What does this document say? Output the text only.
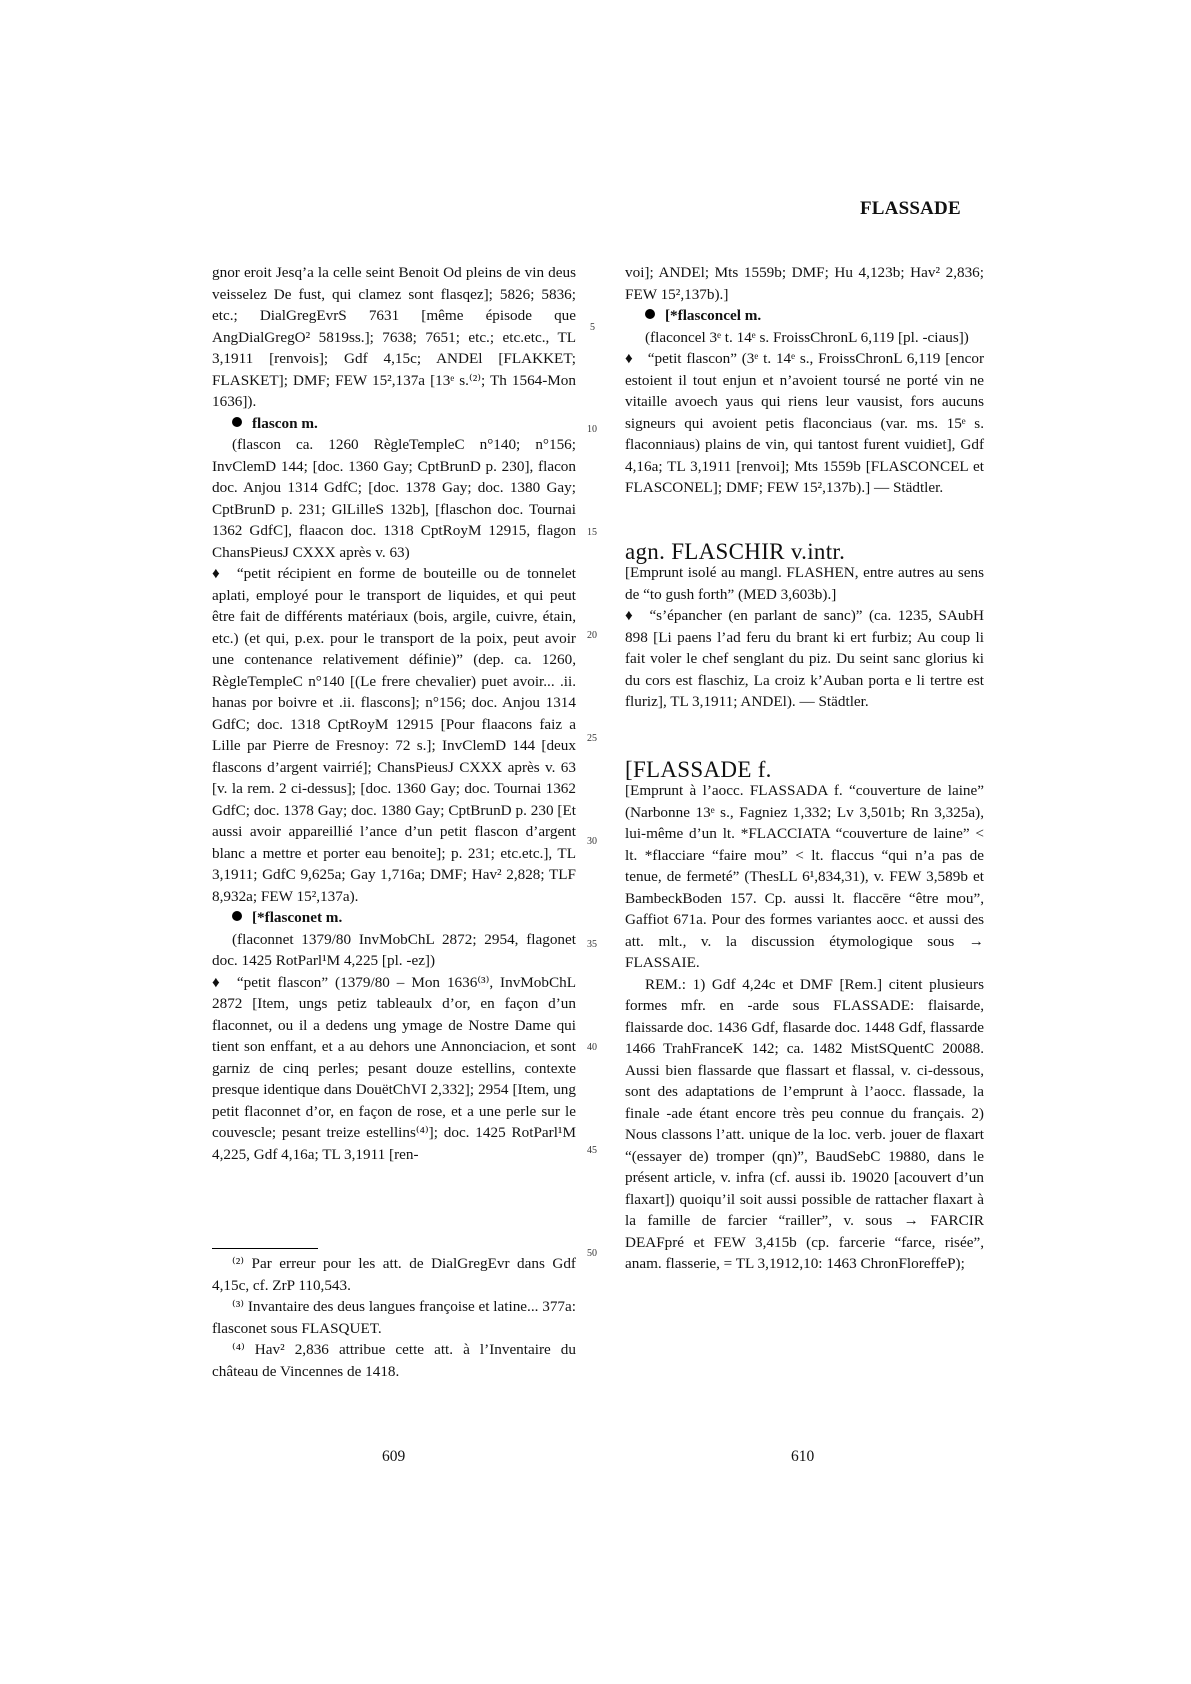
FLASSADE

gnor eroit Jesq’a la celle seint Benoit Od pleins de vin deus veisselez De fust, qui clamez sont flasqez]; 5826; 5836; etc.; DialGregEvrS 7631 [même épisode que AngDialGregO² 5819ss.]; 7638; 7651; etc.; etc.etc., TL 3,1911 [renvois]; Gdf 4,15c; ANDEl [FLAKKET; FLASKET]; DMF; FEW 15²,137a [13ᵉ s.⁽²⁾; Th 1564-Mon 1636]).

flascon m.

(flascon ca. 1260 RègleTempleC n°140; n°156; InvClemD 144; [doc. 1360 Gay; CptBrunD p. 230], flacon doc. Anjou 1314 GdfC; [doc. 1378 Gay; doc. 1380 Gay; CptBrunD p. 231; GlLilleS 132b], [flaschon doc. Tournai 1362 GdfC], flaacon doc. 1318 CptRoyM 12915, flagon ChansPieusJ CXXX après v. 63)

♦ “petit récipient en forme de bouteille ou de tonnelet aplati, employé pour le transport de liquides, et qui peut être fait de différents matériaux (bois, argile, cuivre, étain, etc.) (et qui, p.ex. pour le transport de la poix, peut avoir une contenance relativement définie)” (dep. ca. 1260, RègleTempleC n°140 [(Le frere chevalier) puet avoir... .ii. hanas por boivre et .ii. flascons]; n°156; doc. Anjou 1314 GdfC; doc. 1318 CptRoyM 12915 [Pour flaacons faiz a Lille par Pierre de Fresnoy: 72 s.]; InvClemD 144 [deux flascons d’argent vairrié]; ChansPieusJ CXXX après v. 63 [v. la rem. 2 ci-dessus]; [doc. 1360 Gay; doc. Tournai 1362 GdfC; doc. 1378 Gay; doc. 1380 Gay; CptBrunD p. 230 [Et aussi avoir appareillié l’ance d’un petit flascon d’argent blanc a mettre et porter eau benoite]; p. 231; etc.etc.], TL 3,1911; GdfC 9,625a; Gay 1,716a; DMF; Hav² 2,828; TLF 8,932a; FEW 15²,137a).

[*flasconet m.

(flaconnet 1379/80 InvMobChL 2872; 2954, flagonet doc. 1425 RotParl¹M 4,225 [pl. -ez])

♦ “petit flascon” (1379/80 – Mon 1636⁽³⁾, InvMobChL 2872 [Item, ungs petiz tableaulx d’or, en façon d’un flaconnet, ou il a dedens ung ymage de Nostre Dame qui tient son enffant, et a au dehors une Annonciacion, et sont garniz de cinq perles; pesant douze estellins, contexte presque identique dans DouëtChVI 2,332]; 2954 [Item, ung petit flaconnet d’or, en façon de rose, et a une perle sur le couvescle; pesant treize estellins⁽⁴⁾]; doc. 1425 RotParl¹M 4,225, Gdf 4,16a; TL 3,1911 [ren-

voi]; ANDEl; Mts 1559b; DMF; Hu 4,123b; Hav² 2,836; FEW 15²,137b).]

[*flasconcel m.

(flaconcel 3ᵉ t. 14ᵉ s. FroissChronL 6,119 [pl. -ciaus])

♦ “petit flascon” (3ᵉ t. 14ᵉ s., FroissChronL 6,119 [encor estoient il tout enjun et n’avoient toursé ne porté vin ne vitaille avoech yaus qui riens leur vausist, fors aucuns signeurs qui avoient petis flaconciaus (var. ms. 15ᵉ s. flaconniaus) plains de vin, qui tantost furent vuidiet], Gdf 4,16a; TL 3,1911 [renvoi]; Mts 1559b [FLASCONCEL et FLASCONEL]; DMF; FEW 15²,137b).] — Städtler.

agn. FLASCHIR v.intr.

[Emprunt isolé au mangl. FLASHEN, entre autres au sens de “to gush forth” (MED 3,603b).]

♦ “s’épancher (en parlant de sanc)” (ca. 1235, SAubH 898 [Li paens l’ad feru du brant ki ert furbiz; Au coup li fait voler le chef senglant du piz. Du seint sanc glorius ki du cors est flaschiz, La croiz k’Auban porta e li tertre est fluriz], TL 3,1911; ANDEl). — Städtler.

[FLASSADE f.

[Emprunt à l’aocc. FLASSADA f. “couverture de laine” (Narbonne 13ᵉ s., Fagniez 1,332; Lv 3,501b; Rn 3,325a), lui-même d’un lt. *FLACCIATA “couverture de laine” < lt. *flacciare “faire mou” < lt. flaccus “qui n’a pas de tenue, de fermeté” (ThesLL 6¹,834,31), v. FEW 3,589b et BambeckBoden 157. Cp. aussi lt. flaccēre “être mou”, Gaffiot 671a. Pour des formes variantes aocc. et aussi des att. mlt., v. la discussion étymologique sous → FLASSAIE.

REM.: 1) Gdf 4,24c et DMF [Rem.] citent plusieurs formes mfr. en -arde sous FLASSADE: flaisarde, flaissarde doc. 1436 Gdf, flasarde doc. 1448 Gdf, flassarde 1466 TrahFranceK 142; ca. 1482 MistSQuentC 20088. Aussi bien flassarde que flassart et flassal, v. ci-dessous, sont des adaptations de l’emprunt à l’aocc. flassade, la finale -ade étant encore très peu connue du français. 2) Nous classons l’att. unique de la loc. verb. jouer de flaxart “(essayer de) tromper (qn)”, BaudSebC 19880, dans le présent article, v. infra (cf. aussi ib. 19020 [acouvert d’un flaxart]) quoiqu’il soit aussi possible de rattacher flaxart à la famille de farcier “railler”, v. sous → FARCIR DEAFpré et FEW 3,415b (cp. farcerie “farce, risée”, anam. flasserie, = TL 3,1912,10: 1463 ChronFloreffeP);

5
10
15
20
25
30
35
40
45
50

⁽²⁾ Par erreur pour les att. de DialGregEvr dans Gdf 4,15c, cf. ZrP 110,543.

⁽³⁾ Invantaire des deus langues françoise et latine... 377a: flasconet sous FLASQUET.

⁽⁴⁾ Hav² 2,836 attribue cette att. à l’Inventaire du château de Vincennes de 1418.

609	610
